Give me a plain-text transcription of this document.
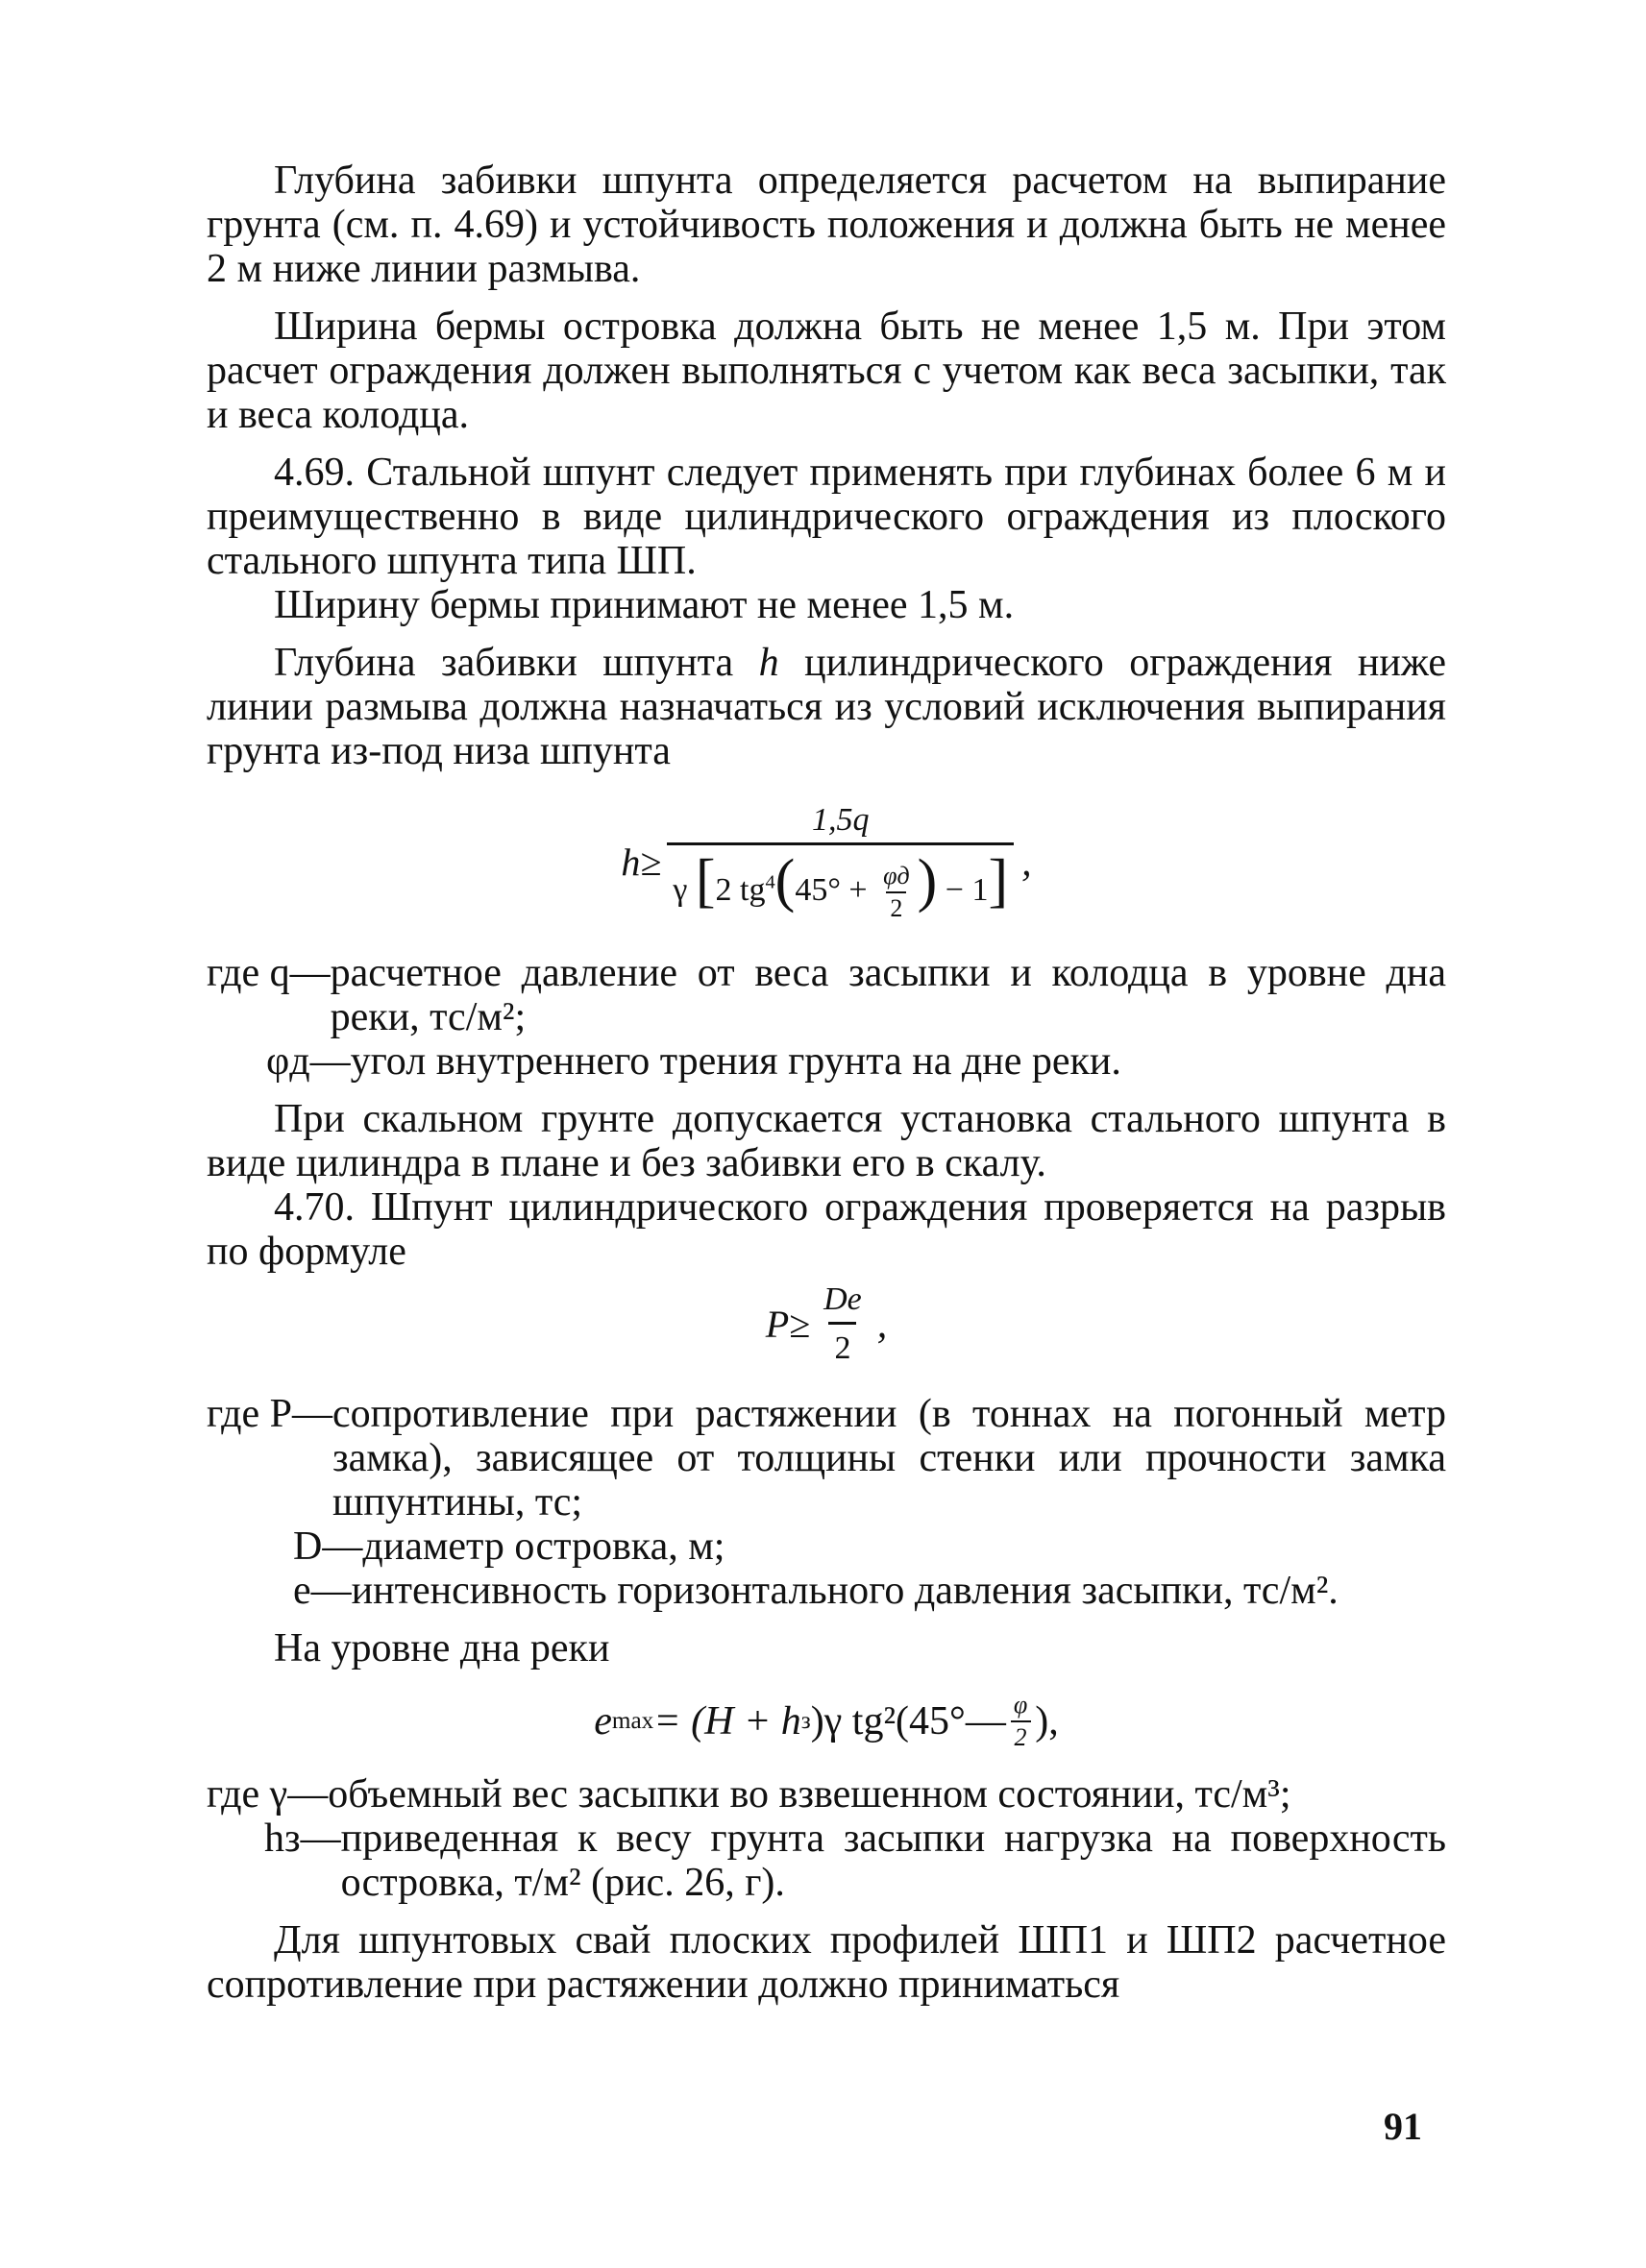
Глубина забивки шпунта определяется расчетом на выпирание грунта (см. п. 4.69) и устойчивость положения и должна быть не менее 2 м ниже линии размыва.

Ширина бермы островка должна быть не менее 1,5 м. При этом расчет ограждения должен выполняться с учетом как веса засыпки, так и веса колодца.

4.69. Стальной шпунт следует применять при глубинах более 6 м и преимущественно в виде цилиндрического ограждения из плоского стального шпунта типа ШП.

Ширину бермы принимают не менее 1,5 м.

Глубина забивки шпунта h цилиндрического ограждения ниже линии размыва должна назначаться из условий исключения выпирания грунта из-под низа шпунта

$h\ge \frac{1,5q}{\gamma [2 tg^4(45^\circ + \frac{\varphi д}{2} ) - 1]}$ ,
где q— расчетное давление от веса засыпки и колодца в уровне дна реки, тс/м²;
φд— угол внутреннего трения грунта на дне реки.

При скальном грунте допускается установка стального шпунта в виде цилиндра в плане и без забивки его в скалу.

4.70. Шпунт цилиндрического ограждения проверяется на разрыв по формуле

$P\ge \frac{De}{2}$ ,
где P— сопротивление при растяжении (в тоннах на погонный метр замка), зависящее от толщины стенки или прочности замка шпунтины, тс;
D— диаметр островка, м;
e— интенсивность горизонтального давления засыпки, тс/м².

На уровне дна реки

e max = (H + h з )γ tg²(45°— $\frac{\varphi}{2}$ ),
где γ— объемный вес засыпки во взвешенном состоянии, тс/м³;
hз— приведенная к весу грунта засыпки нагрузка на поверхность островка, т/м² (рис. 26, г).

Для шпунтовых свай плоских профилей ШП1 и ШП2 расчетное сопротивление при растяжении должно приниматься

91
